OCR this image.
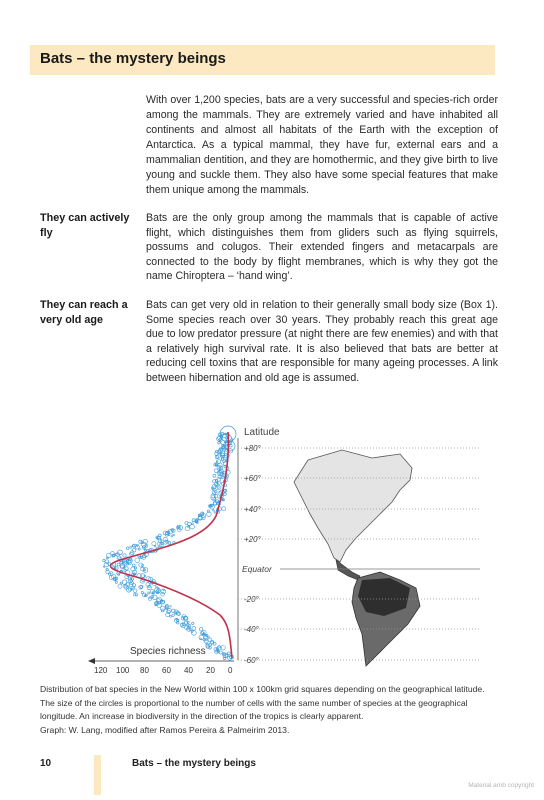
Bats – the mystery beings
With over 1,200 species, bats are a very successful and species-rich order among the mammals. They are extremely varied and have inhabited all continents and almost all habitats of the Earth with the exception of Antarctica. As a typical mammal, they have fur, external ears and a mammalian dentition, and they are homothermic, and they give birth to live young and suckle them. They also have some special features that make them unique among the mammals.
They can actively fly
Bats are the only group among the mammals that is capable of active flight, which distinguishes them from gliders such as flying squirrels, possums and colugos. Their extended fingers and metacarpals are connected to the body by flight membranes, which is why they got the name Chiroptera – ‘hand wing’.
They can reach a very old age
Bats can get very old in relation to their generally small body size (Box 1). Some species reach over 30 years. They probably reach this great age due to low predator pressure (at night there are few enemies) and with that a relatively high survival rate. It is also believed that bats are better at reducing cell toxins that are responsible for many ageing processes. A link between hibernation and old age is assumed.
Latitude
+80°
+60°
+40°
+20°
Equator
-20°
-40°
-60°
Species richness
120 100 80 60 40 20 0
Distribution of bat species in the New World within 100 x 100km grid squares depending on the geographical latitude. The size of the circles is proportional to the number of cells with the same number of species at the geographical longitude. An increase in biodiversity in the direction of the tropics is clearly apparent.
Graph: W. Lang, modified after Ramos Pereira & Palmeirim 2013.
10	Bats – the mystery beings
Material amb copyright
